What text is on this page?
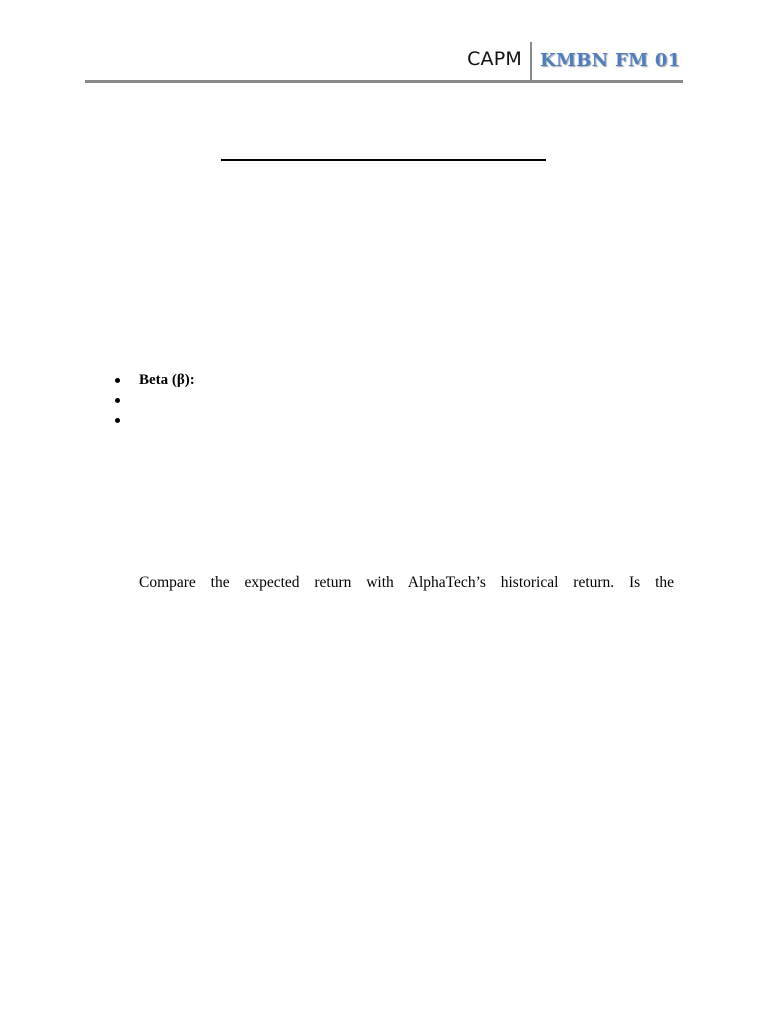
CAPM KMBN FM 01
Beta (β):

Compare the expected return with AlphaTech’s historical return. Is the
